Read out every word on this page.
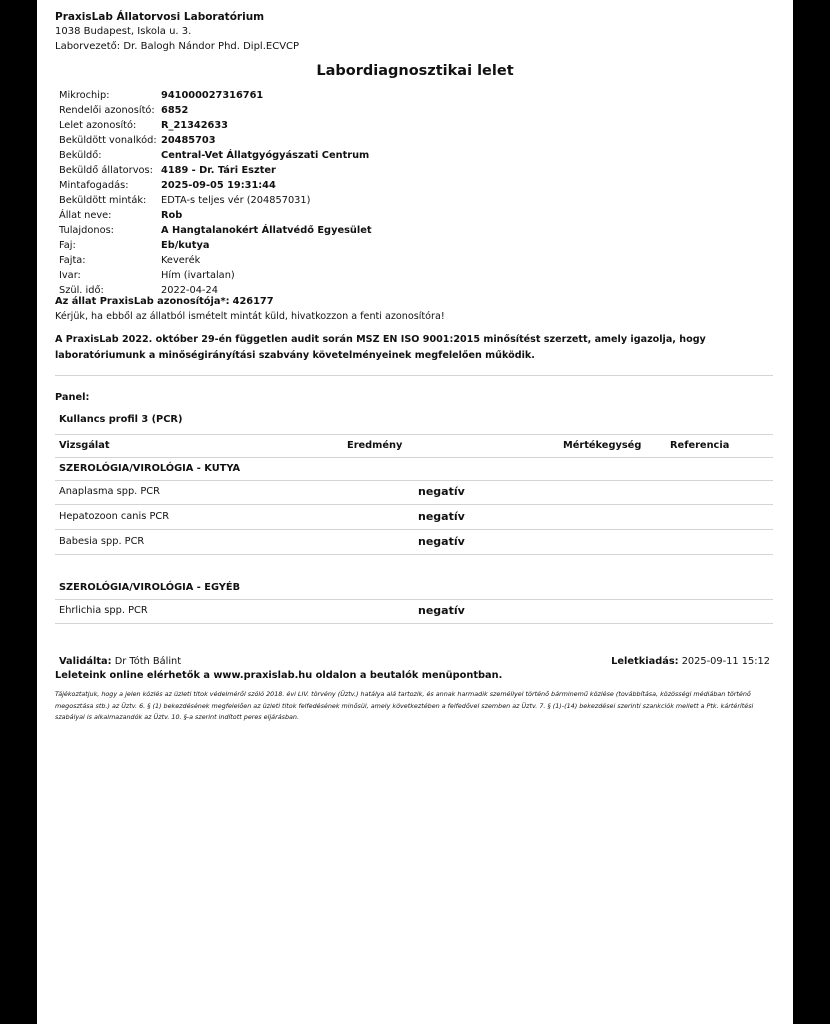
PraxisLab Állatorvosi Laboratórium
1038 Budapest, Iskola u. 3.
Laborvezető: Dr. Balogh Nándor Phd. Dipl.ECVCP
Labordiagnosztikai lelet
Mikrochip:	941000027316761
Rendelői azonosító: 6852
Lelet azonosító:	R_21342633
Beküldött vonalkód: 20485703
Beküldő:	Central-Vet Állatgyógyászati Centrum
Beküldő állatorvos: 4189 - Dr. Tári Eszter
Mintafogadás:	2025-09-05 19:31:44
Beküldött minták: EDTA-s teljes vér (204857031)
Állat neve:	Rob
Tulajdonos:	A Hangtalanokért Állatvédő Egyesület
Faj:	Eb/kutya
Fajta:	Keverék
Ivar:	Hím (ivartalan)
Szül. idő:	2022-04-24
Az állat PraxisLab azonosítója*: 426177
Kérjük, ha ebből az állatból ismételt mintát küld, hivatkozzon a fenti azonosítóra!
A PraxisLab 2022. október 29-én független audit során MSZ EN ISO 9001:2015 minősítést szerzett, amely igazolja, hogy laboratóriumunk a minőségirányítási szabvány követelményeinek megfelelően működik.
Panel:
Kullancs profil 3 (PCR)
Vizsgálat	Eredmény	Mértékegység	Referencia
SZEROLÓGIA/VIROLÓGIA - KUTYA
Anaplasma spp. PCR	negatív
Hepatozoon canis PCR	negatív
Babesia spp. PCR	negatív
SZEROLÓGIA/VIROLÓGIA - EGYÉB
Ehrlichia spp. PCR	negatív
Validálta: Dr Tóth Bálint	Leletkiadás: 2025-09-11 15:12
Leleteink online elérhetők a www.praxislab.hu oldalon a beutalók menüpontban.
Tájékoztatjuk, hogy a jelen közlés az üzleti titok védelméről szóló 2018. évi LIV. törvény (Üztv.) hatálya alá tartozik, és annak harmadik személlyel történő bárminemű közlése (továbbítása, közösségi médiában történő megosztása stb.) az Üztv. 6. § (1) bekezdésének megfelelően az üzleti titok felfedésének minősül, amely következtében a felfedővel szemben az Üztv. 7. § (1)-(14) bekezdései szerinti szankciók mellett a Ptk. kártérítési szabályai is alkalmazandók az Üztv. 10. §-a szerint indított peres eljárásban.
